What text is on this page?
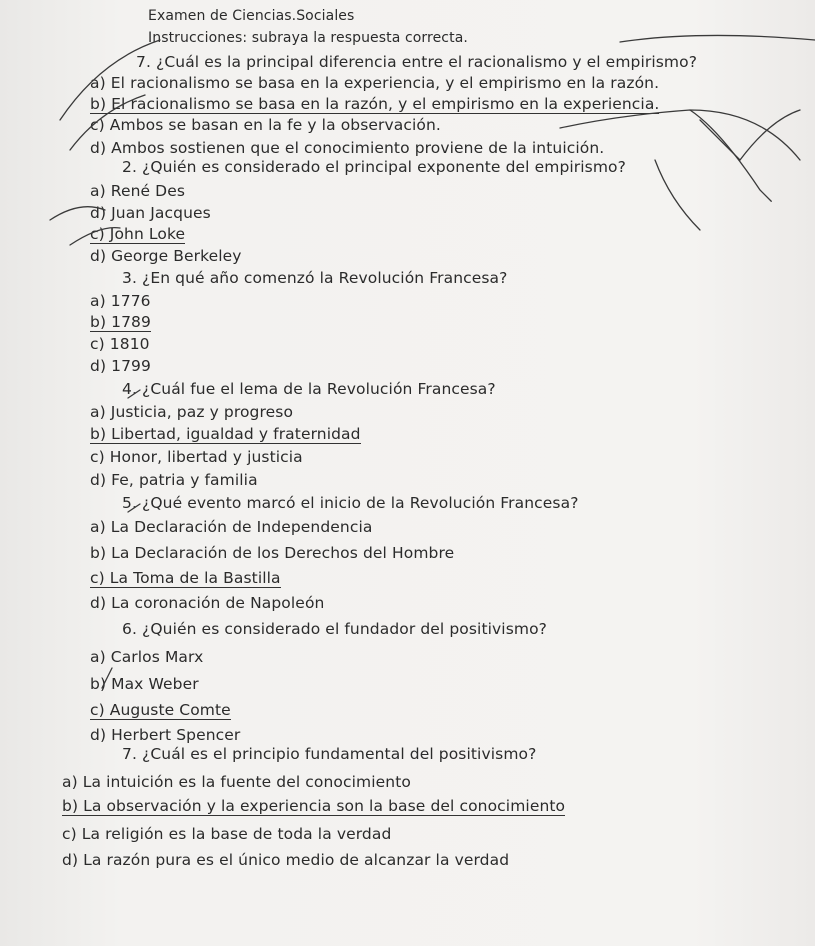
Examen de Ciencias.Sociales
Instrucciones: subraya la respuesta correcta.
7. ¿Cuál es la principal diferencia entre el racionalismo y el empirismo?
a) El racionalismo se basa en la experiencia, y el empirismo en la razón.
b) El racionalismo se basa en la razón, y el empirismo en la experiencia.
c) Ambos se basan en la fe y la observación.
d) Ambos sostienen que el conocimiento proviene de la intuición.
2. ¿Quién es considerado el principal exponente del empirismo?
a) René Des
d) Juan Jacques
c) John Loke
d) George Berkeley
3. ¿En qué año comenzó la Revolución Francesa?
a) 1776
b) 1789
c) 1810
d) 1799
4. ¿Cuál fue el lema de la Revolución Francesa?
a) Justicia, paz y progreso
b) Libertad, igualdad y fraternidad
c) Honor, libertad y justicia
d) Fe, patria y familia
5. ¿Qué evento marcó el inicio de la Revolución Francesa?
a) La Declaración de Independencia
b) La Declaración de los Derechos del Hombre
c) La Toma de la Bastilla
d) La coronación de Napoleón
6. ¿Quién es considerado el fundador del positivismo?
a) Carlos Marx
b) Max Weber
c) Auguste Comte
d) Herbert Spencer
7. ¿Cuál es el principio fundamental del positivismo?
a) La intuición es la fuente del conocimiento
b) La observación y la experiencia son la base del conocimiento
c) La religión es la base de toda la verdad
d) La razón pura es el único medio de alcanzar la verdad
